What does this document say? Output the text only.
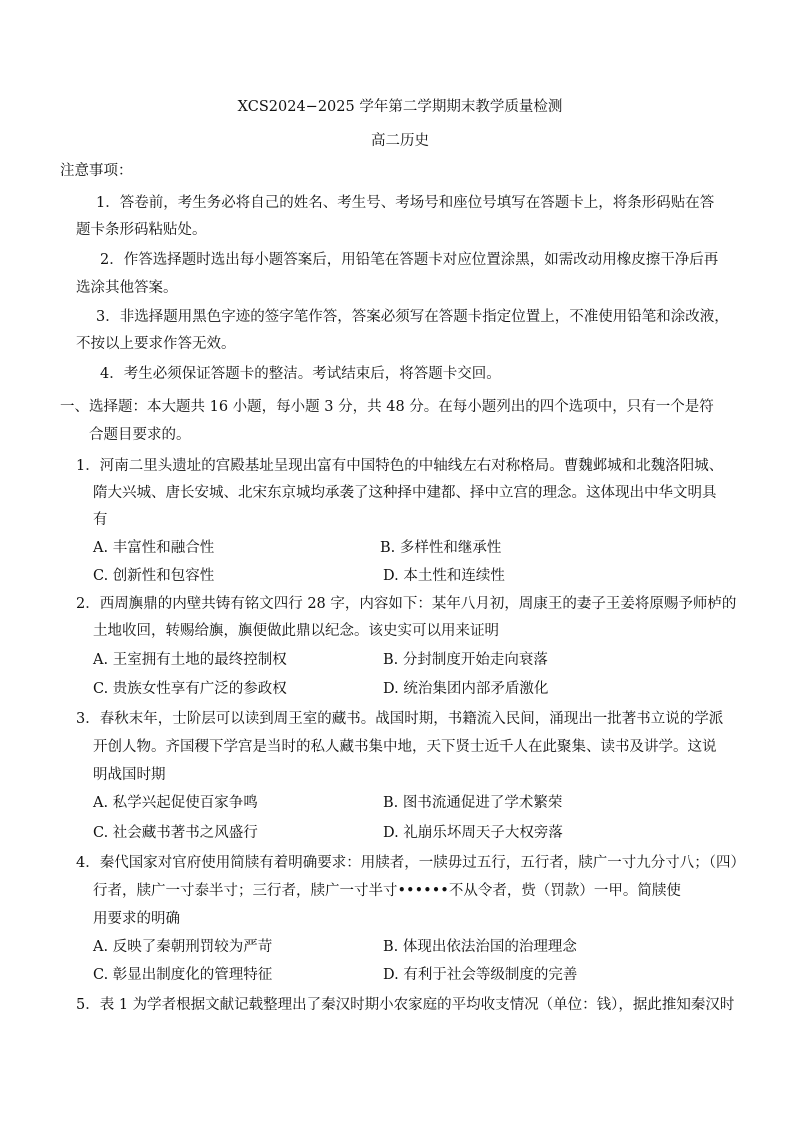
XCS2024−2025 学年第二学期期末教学质量检测
高二历史
注意事项：
1．答卷前，考生务必将自己的姓名、考生号、考场号和座位号填写在答题卡上，将条形码贴在答
题卡条形码粘贴处。
2．作答选择题时选出每小题答案后，用铅笔在答题卡对应位置涂黑，如需改动用橡皮擦干净后再
选涂其他答案。
3．非选择题用黑色字迹的签字笔作答，答案必须写在答题卡指定位置上，不准使用铅笔和涂改液，
不按以上要求作答无效。
4．考生必须保证答题卡的整洁。考试结束后，将答题卡交回。
一、选择题：本大题共 16 小题，每小题 3 分，共 48 分。在每小题列出的四个选项中，只有一个是符
合题目要求的。
1．河南二里头遗址的宫殿基址呈现出富有中国特色的中轴线左右对称格局。曹魏邺城和北魏洛阳城、
隋大兴城、唐长安城、北宋东京城均承袭了这种择中建都、择中立宫的理念。这体现出中华文明具
有
A. 丰富性和融合性	B. 多样性和继承性
C. 创新性和包容性	D. 本土性和连续性
2．西周旟鼎的内壁共铸有铭文四行 28 字，内容如下：某年八月初，周康王的妻子王姜将原赐予师栌的
土地收回，转赐给旟，旟便做此鼎以纪念。该史实可以用来证明
A. 王室拥有土地的最终控制权	B. 分封制度开始走向衰落
C. 贵族女性享有广泛的参政权	D. 统治集团内部矛盾激化
3．春秋末年，士阶层可以读到周王室的藏书。战国时期，书籍流入民间，涌现出一批著书立说的学派
开创人物。齐国稷下学宫是当时的私人藏书集中地，天下贤士近千人在此聚集、读书及讲学。这说
明战国时期
A. 私学兴起促使百家争鸣	B. 图书流通促进了学术繁荣
C. 社会藏书著书之风盛行	D. 礼崩乐坏周天子大权旁落
4．秦代国家对官府使用简牍有着明确要求：用牍者，一牍毋过五行，五行者，牍广一寸九分寸八；（四）
行者，牍广一寸泰半寸；三行者，牍广一寸半寸••••••不从令者，赀（罚款）一甲。简牍使
用要求的明确
A. 反映了秦朝刑罚较为严苛	B. 体现出依法治国的治理理念
C. 彰显出制度化的管理特征	D. 有利于社会等级制度的完善
5．表 1 为学者根据文献记载整理出了秦汉时期小农家庭的平均收支情况（单位：钱），据此推知秦汉时
